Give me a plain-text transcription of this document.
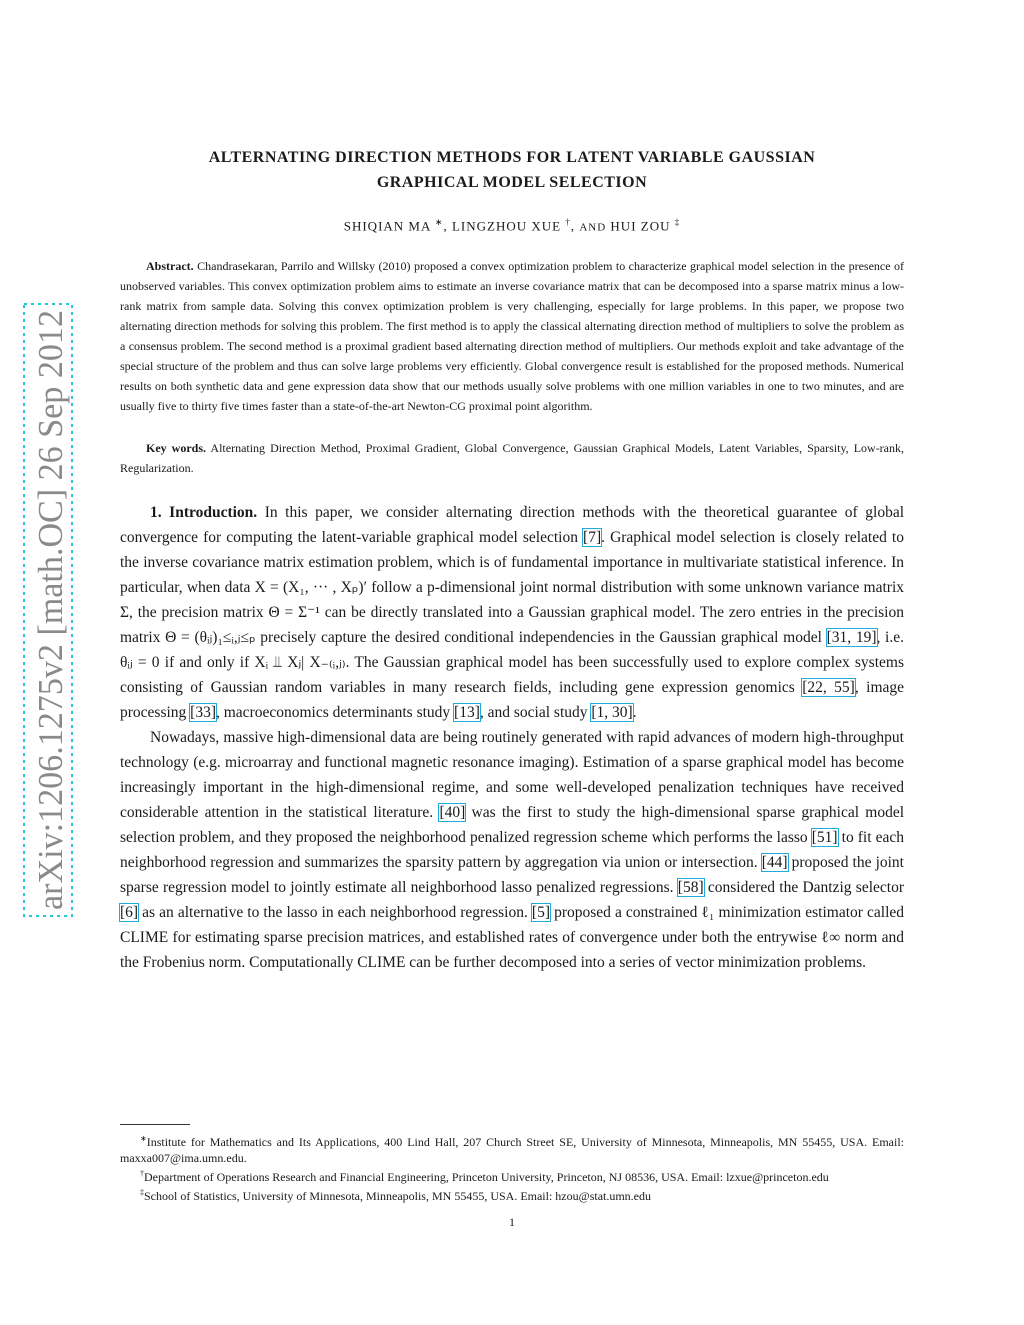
arXiv:1206.1275v2 [math.OC] 26 Sep 2012
ALTERNATING DIRECTION METHODS FOR LATENT VARIABLE GAUSSIAN
GRAPHICAL MODEL SELECTION
SHIQIAN MA ∗, LINGZHOU XUE †, AND HUI ZOU ‡

Abstract. Chandrasekaran, Parrilo and Willsky (2010) proposed a convex optimization problem to characterize graphical model selection in the presence of unobserved variables. This convex optimization problem aims to estimate an inverse covariance matrix that can be decomposed into a sparse matrix minus a low-rank matrix from sample data. Solving this convex optimization problem is very challenging, especially for large problems. In this paper, we propose two alternating direction methods for solving this problem. The first method is to apply the classical alternating direction method of multipliers to solve the problem as a consensus problem. The second method is a proximal gradient based alternating direction method of multipliers. Our methods exploit and take advantage of the special structure of the problem and thus can solve large problems very efficiently. Global convergence result is established for the proposed methods. Numerical results on both synthetic data and gene expression data show that our methods usually solve problems with one million variables in one to two minutes, and are usually five to thirty five times faster than a state-of-the-art Newton-CG proximal point algorithm.

Key words. Alternating Direction Method, Proximal Gradient, Global Convergence, Gaussian Graphical Models, Latent Variables, Sparsity, Low-rank, Regularization.

1. Introduction. In this paper, we consider alternating direction methods with the theoretical guarantee of global convergence for computing the latent-variable graphical model selection [7]. Graphical model selection is closely related to the inverse covariance matrix estimation problem, which is of fundamental importance in multivariate statistical inference. In particular, when data X = (X₁, ··· , Xₚ)′ follow a p-dimensional joint normal distribution with some unknown variance matrix Σ, the precision matrix Θ = Σ⁻¹ can be directly translated into a Gaussian graphical model. The zero entries in the precision matrix Θ = (θᵢⱼ)₁≤ᵢ,ⱼ≤ₚ precisely capture the desired conditional independencies in the Gaussian graphical model [31, 19], i.e. θᵢⱼ = 0 if and only if Xᵢ ⫫ Xⱼ| X₋₍ᵢ,ⱼ₎. The Gaussian graphical model has been successfully used to explore complex systems consisting of Gaussian random variables in many research fields, including gene expression genomics [22, 55], image processing [33], macroeconomics determinants study [13], and social study [1, 30].

Nowadays, massive high-dimensional data are being routinely generated with rapid advances of modern high-throughput technology (e.g. microarray and functional magnetic resonance imaging). Estimation of a sparse graphical model has become increasingly important in the high-dimensional regime, and some well-developed penalization techniques have received considerable attention in the statistical literature. [40] was the first to study the high-dimensional sparse graphical model selection problem, and they proposed the neighborhood penalized regression scheme which performs the lasso [51] to fit each neighborhood regression and summarizes the sparsity pattern by aggregation via union or intersection. [44] proposed the joint sparse regression model to jointly estimate all neighborhood lasso penalized regressions. [58] considered the Dantzig selector [6] as an alternative to the lasso in each neighborhood regression. [5] proposed a constrained ℓ₁ minimization estimator called CLIME for estimating sparse precision matrices, and established rates of convergence under both the entrywise ℓ∞ norm and the Frobenius norm. Computationally CLIME can be further decomposed into a series of vector minimization problems.

∗Institute for Mathematics and Its Applications, 400 Lind Hall, 207 Church Street SE, University of Minnesota, Minneapolis, MN 55455, USA. Email: maxxa007@ima.umn.edu.

†Department of Operations Research and Financial Engineering, Princeton University, Princeton, NJ 08536, USA. Email: lzxue@princeton.edu

‡School of Statistics, University of Minnesota, Minneapolis, MN 55455, USA. Email: hzou@stat.umn.edu

1
